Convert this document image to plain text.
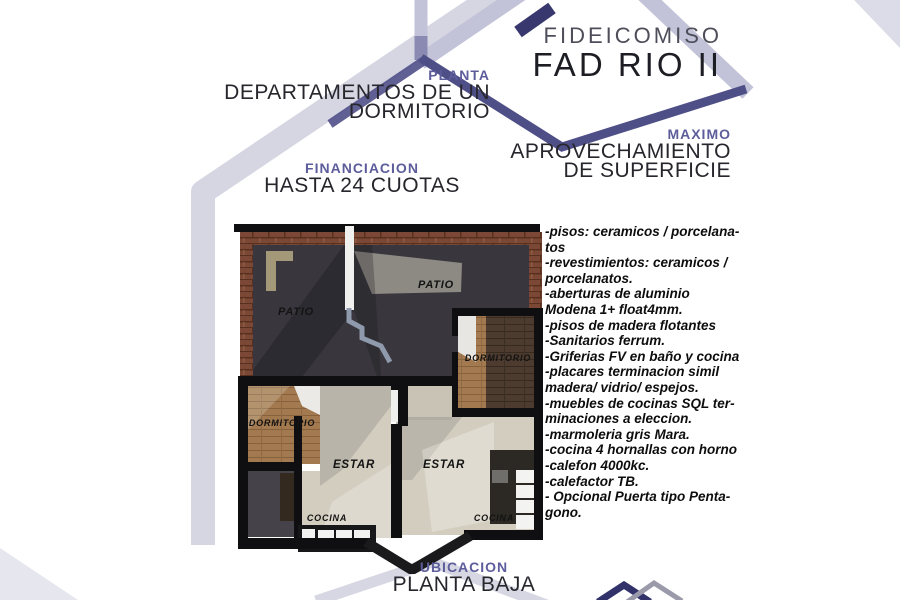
FIDEICOMISO
FAD RIO II
PLANTA
DEPARTAMENTOS DE UN
DORMITORIO
MAXIMO
APROVECHAMIENTO
DE SUPERFICIE
FINANCIACION
HASTA 24 CUOTAS
-pisos: ceramicos / porcelana-
tos
-revestimientos: ceramicos /
porcelanatos.
-aberturas de aluminio
Modena 1+ float4mm.
-pisos de madera flotantes
-Sanitarios ferrum.
-Griferias FV en baño y cocina
-placares terminacion simil
madera/ vidrio/ espejos.
-muebles de cocinas SQL ter-
minaciones a eleccion.
-marmoleria gris Mara.
-cocina 4 hornallas con horno
-calefon 4000kc.
-calefactor TB.
- Opcional Puerta tipo Penta-
gono.
PATIO
PATIO
DORMITORIO
COCINA
ESTAR
DORMITORIO
ESTAR
COCINA
UBICACION
PLANTA BAJA
